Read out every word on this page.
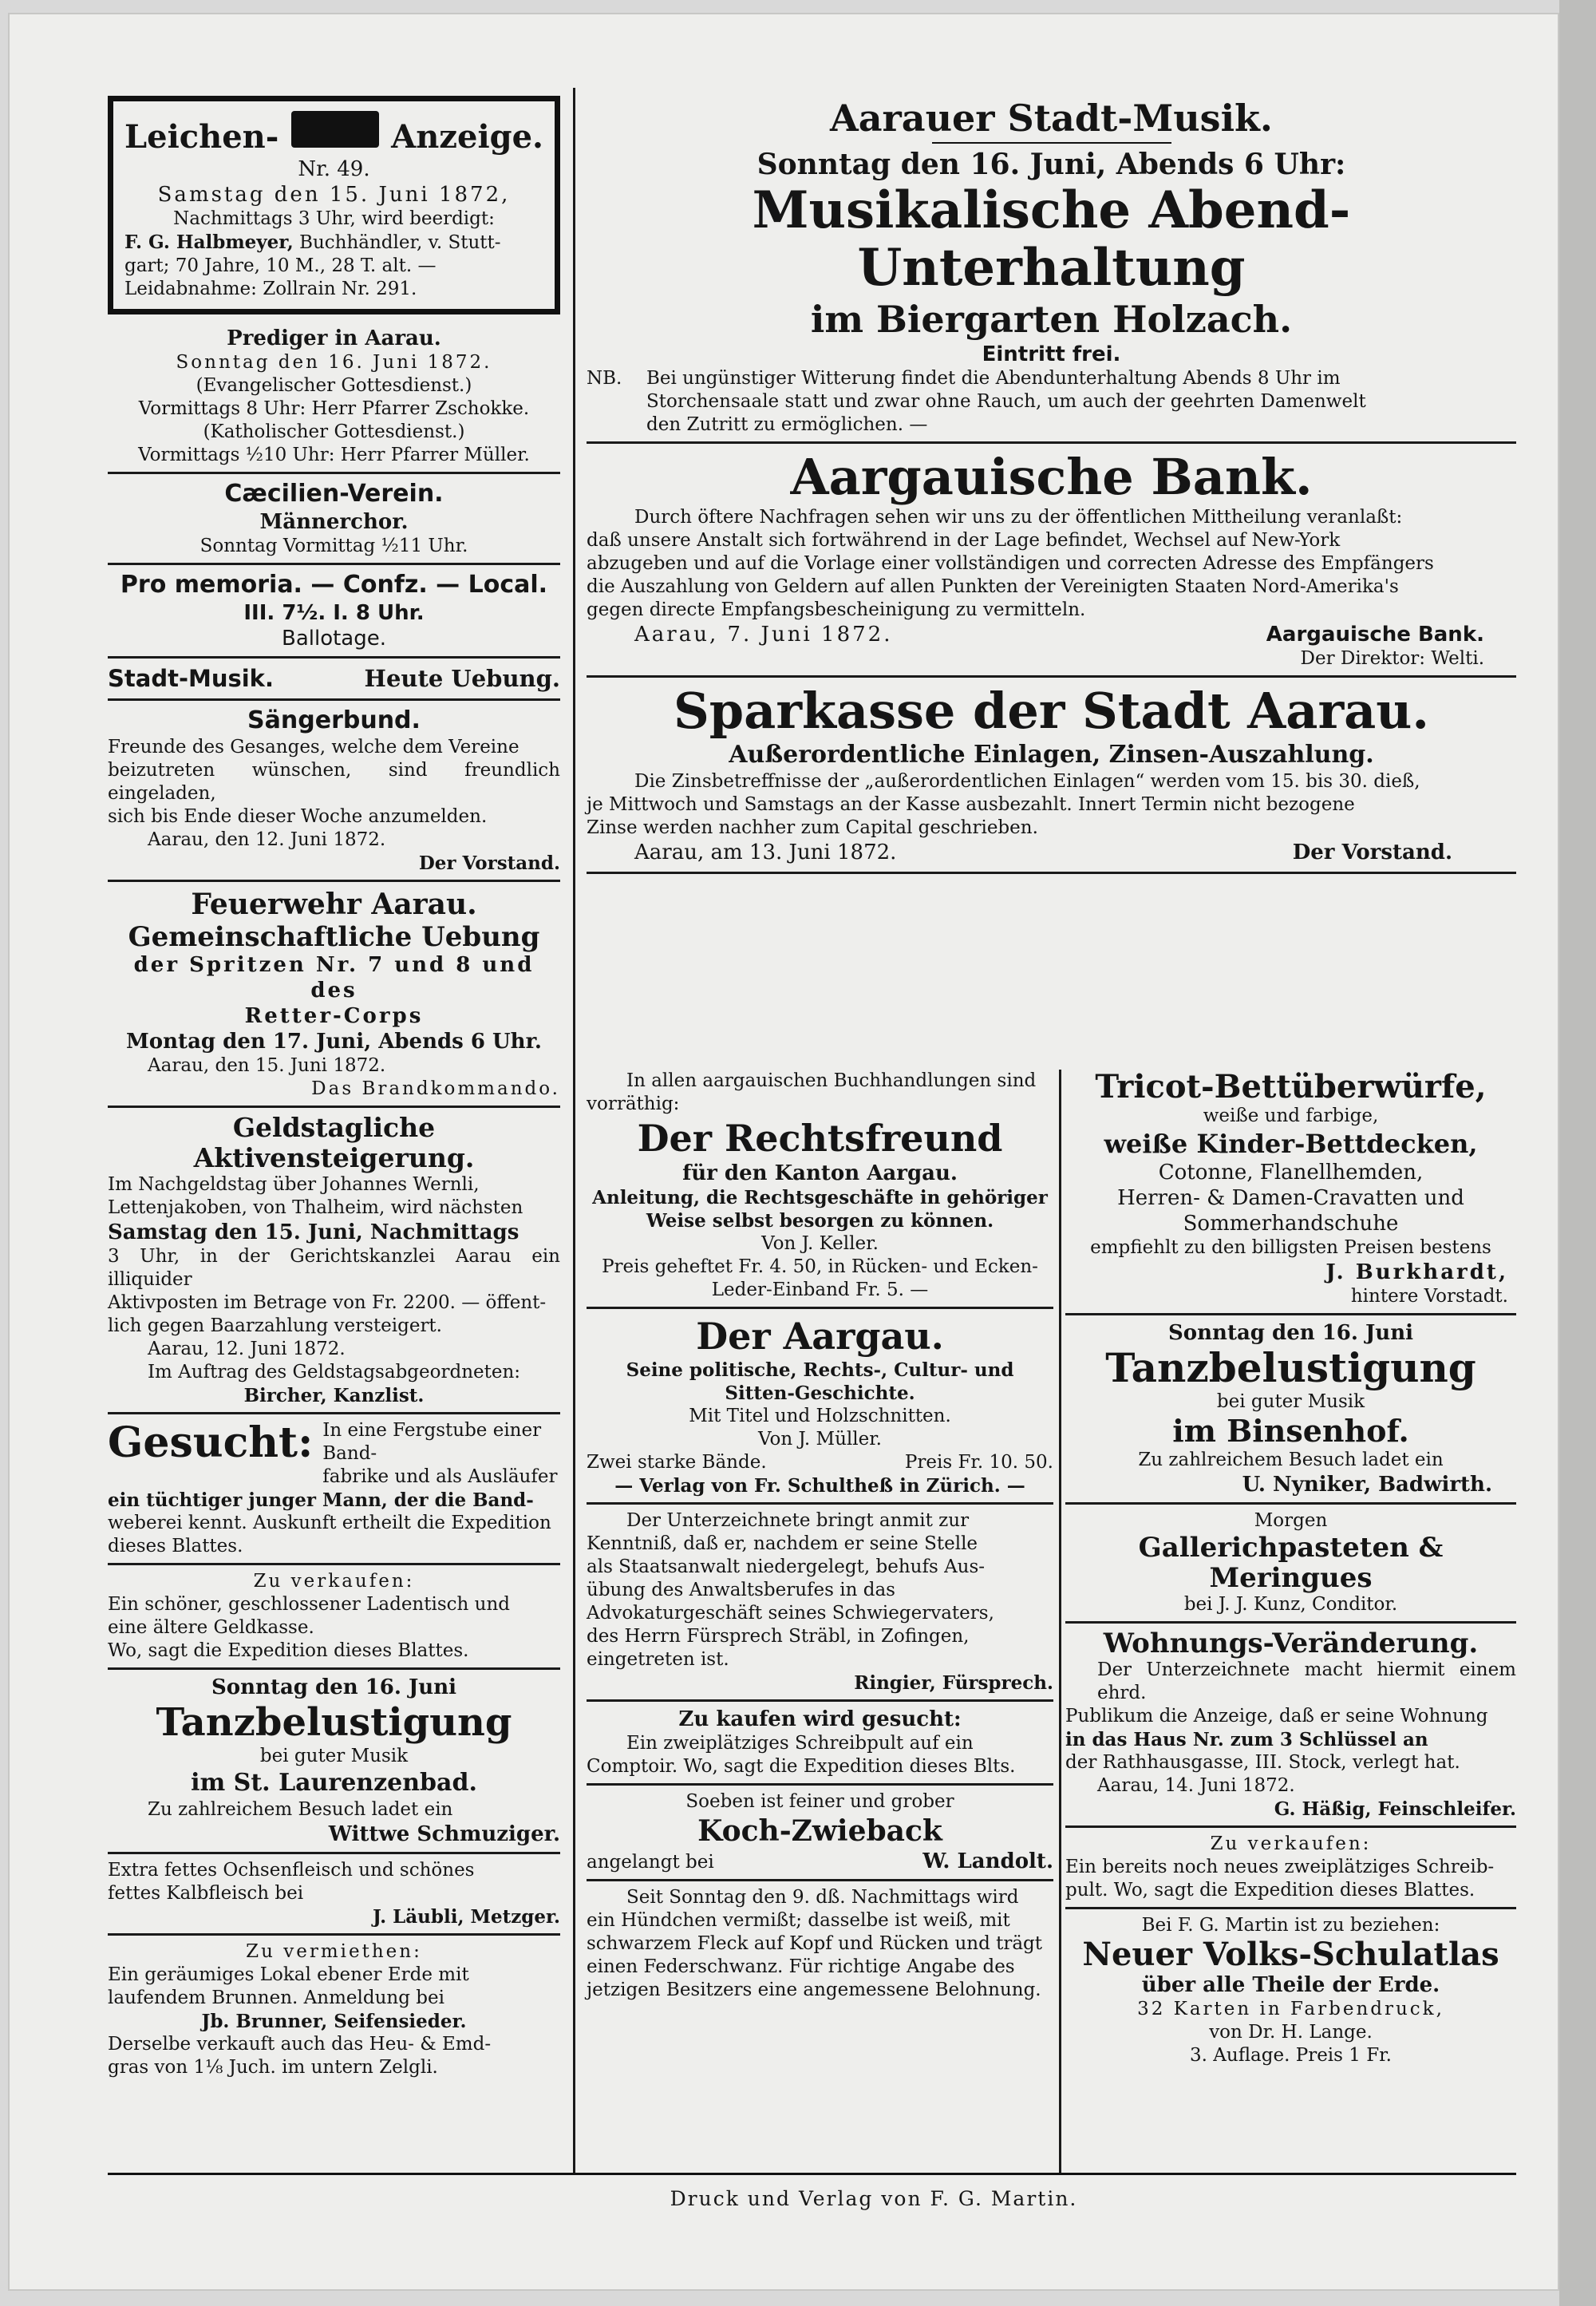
Leichen-	Anzeige.

Nr. 49.

Samstag den 15. Juni 1872,

Nachmittags 3 Uhr, wird beerdigt:

F. G. Halbmeyer, Buchhändler, v. Stutt-

gart; 70 Jahre, 10 M., 28 T. alt. —

Leidabnahme: Zollrain Nr. 291.

Prediger in Aarau.

Sonntag den 16. Juni 1872.

(Evangelischer Gottesdienst.)

Vormittags 8 Uhr: Herr Pfarrer Zschokke.

(Katholischer Gottesdienst.)

Vormittags ½10 Uhr: Herr Pfarrer Müller.

Cæcilien-Verein.

Männerchor.

Sonntag Vormittag ½11 Uhr.

Pro memoria. — Confz. — Local.

III. 7½. I. 8 Uhr.

Ballotage.

Stadt-Musik.	Heute Uebung.

Sängerbund.

Freunde des Gesanges, welche dem Vereine

beizutreten wünschen, sind freundlich eingeladen,

sich bis Ende dieser Woche anzumelden.

Aarau, den 12. Juni 1872.

Der Vorstand.

Feuerwehr Aarau.

Gemeinschaftliche Uebung

der Spritzen Nr. 7 und 8 und des

Retter-Corps

Montag den 17. Juni, Abends 6 Uhr.

Aarau, den 15. Juni 1872.

Das Brandkommando.

Geldstagliche Aktivensteigerung.

Im Nachgeldstag über Johannes Wernli,

Lettenjakoben, von Thalheim, wird nächsten

Samstag den 15. Juni, Nachmittags

3 Uhr, in der Gerichtskanzlei Aarau ein illiquider

Aktivposten im Betrage von Fr. 2200. — öffent-

lich gegen Baarzahlung versteigert.

Aarau, 12. Juni 1872.

Im Auftrag des Geldstagsabgeordneten:

Bircher, Kanzlist.

Gesucht: In eine Fergstube einer Band-

fabrike und als Ausläufer

ein tüchtiger junger Mann, der die Band-

weberei kennt. Auskunft ertheilt die Expedition

dieses Blattes.

Zu verkaufen:

Ein schöner, geschlossener Ladentisch und

eine ältere Geldkasse.

Wo, sagt die Expedition dieses Blattes.

Sonntag den 16. Juni

Tanzbelustigung

bei guter Musik

im St. Laurenzenbad.

Zu zahlreichem Besuch ladet ein

Wittwe Schmuziger.

Extra fettes Ochsenfleisch und schönes

fettes Kalbfleisch bei

J. Läubli, Metzger.

Zu vermiethen:

Ein geräumiges Lokal ebener Erde mit

laufendem Brunnen. Anmeldung bei

Jb. Brunner, Seifensieder.

Derselbe verkauft auch das Heu- & Emd-

gras von 1⅛ Juch. im untern Zelgli.

Aarauer Stadt-Musik.

Sonntag den 16. Juni, Abends 6 Uhr:

Musikalische Abend-Unterhaltung

im Biergarten Holzach.

Eintritt frei.

NB.	Bei ungünstiger Witterung findet die Abendunterhaltung Abends 8 Uhr im

Storchensaale statt und zwar ohne Rauch, um auch der geehrten Damenwelt

den Zutritt zu ermöglichen. —

Aargauische Bank.

Durch öftere Nachfragen sehen wir uns zu der öffentlichen Mittheilung veranlaßt:

daß unsere Anstalt sich fortwährend in der Lage befindet, Wechsel auf New-York

abzugeben und auf die Vorlage einer vollständigen und correcten Adresse des Empfängers

die Auszahlung von Geldern auf allen Punkten der Vereinigten Staaten Nord-Amerika's

gegen directe Empfangsbescheinigung zu vermitteln.

Aarau, 7. Juni 1872.	Aargauische Bank.

Der Direktor: Welti.

Sparkasse der Stadt Aarau.

Außerordentliche Einlagen, Zinsen-Auszahlung.

Die Zinsbetreffnisse der „außerordentlichen Einlagen“ werden vom 15. bis 30. dieß,

je Mittwoch und Samstags an der Kasse ausbezahlt. Innert Termin nicht bezogene

Zinse werden nachher zum Capital geschrieben.

Aarau, am 13. Juni 1872.	Der Vorstand.

In allen aargauischen Buchhandlungen sind

vorräthig:

Der Rechtsfreund

für den Kanton Aargau.

Anleitung, die Rechtsgeschäfte in gehöriger

Weise selbst besorgen zu können.

Von J. Keller.

Preis geheftet Fr. 4. 50, in Rücken- und Ecken-

Leder-Einband Fr. 5. —

Der Aargau.

Seine politische, Rechts-, Cultur- und

Sitten-Geschichte.

Mit Titel und Holzschnitten.

Von J. Müller.

Zwei starke Bände.	Preis Fr. 10. 50.

— Verlag von Fr. Schultheß in Zürich. —

Der Unterzeichnete bringt anmit zur

Kenntniß, daß er, nachdem er seine Stelle

als Staatsanwalt niedergelegt, behufs Aus-

übung des Anwaltsberufes in das

Advokaturgeschäft seines Schwiegervaters,

des Herrn Fürsprech Sträbl, in Zofingen,

eingetreten ist.

Ringier, Fürsprech.

Zu kaufen wird gesucht:

Ein zweiplätziges Schreibpult auf ein

Comptoir. Wo, sagt die Expedition dieses Blts.

Soeben ist feiner und grober

Koch-Zwieback

angelangt bei	W. Landolt.

Seit Sonntag den 9. dß. Nachmittags wird

ein Hündchen vermißt; dasselbe ist weiß, mit

schwarzem Fleck auf Kopf und Rücken und trägt

einen Federschwanz. Für richtige Angabe des

jetzigen Besitzers eine angemessene Belohnung.

Tricot-Bettüberwürfe,

weiße und farbige,

weiße Kinder-Bettdecken,

Cotonne, Flanellhemden,

Herren- & Damen-Cravatten und

Sommerhandschuhe

empfiehlt zu den billigsten Preisen bestens

J. Burkhardt,

hintere Vorstadt.

Sonntag den 16. Juni

Tanzbelustigung

bei guter Musik

im Binsenhof.

Zu zahlreichem Besuch ladet ein

U. Nyniker, Badwirth.

Morgen

Gallerichpasteten & Meringues

bei J. J. Kunz, Conditor.

Wohnungs-Veränderung.

Der Unterzeichnete macht hiermit einem ehrd.

Publikum die Anzeige, daß er seine Wohnung

in das Haus Nr. zum 3 Schlüssel an

der Rathhausgasse, III. Stock, verlegt hat.

Aarau, 14. Juni 1872.

G. Häßig, Feinschleifer.

Zu verkaufen:

Ein bereits noch neues zweiplätziges Schreib-

pult. Wo, sagt die Expedition dieses Blattes.

Bei F. G. Martin ist zu beziehen:

Neuer Volks-Schulatlas

über alle Theile der Erde.

32 Karten in Farbendruck,

von Dr. H. Lange.

3. Auflage. Preis 1 Fr.

Druck und Verlag von F. G. Martin.
